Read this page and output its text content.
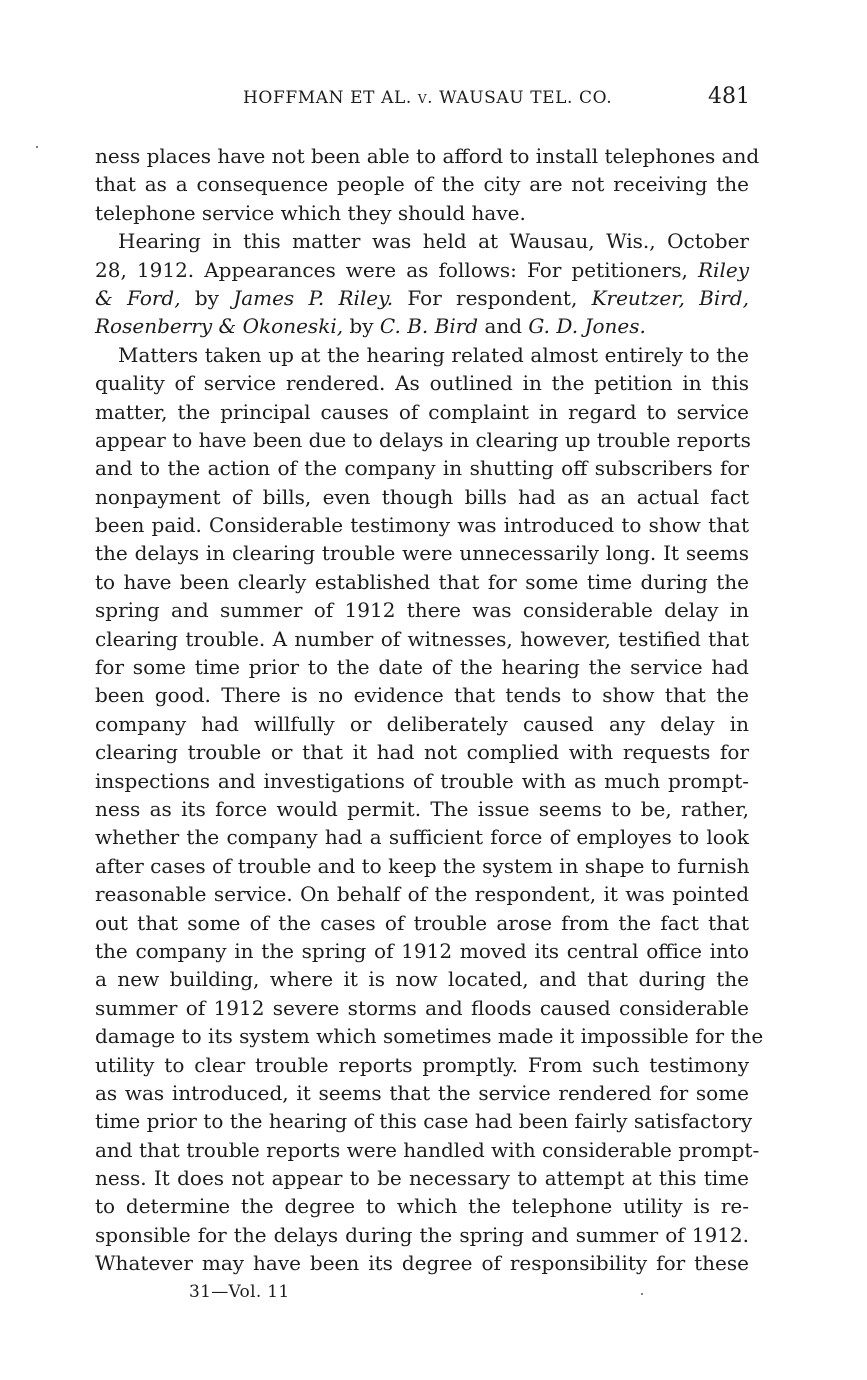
HOFFMAN ET AL. v. WAUSAU TEL. CO.	481
ness places have not been able to afford to install telephones and
that as a consequence people of the city are not receiving the
telephone service which they should have.
Hearing in this matter was held at Wausau, Wis., October
28, 1912. Appearances were as follows: For petitioners, Riley
& Ford, by James P. Riley. For respondent, Kreutzer, Bird,
Rosenberry & Okoneski, by C. B. Bird and G. D. Jones.
Matters taken up at the hearing related almost entirely to the
quality of service rendered. As outlined in the petition in this
matter, the principal causes of complaint in regard to service
appear to have been due to delays in clearing up trouble reports
and to the action of the company in shutting off subscribers for
nonpayment of bills, even though bills had as an actual fact
been paid. Considerable testimony was introduced to show that
the delays in clearing trouble were unnecessarily long. It seems
to have been clearly established that for some time during the
spring and summer of 1912 there was considerable delay in
clearing trouble. A number of witnesses, however, testified that
for some time prior to the date of the hearing the service had
been good. There is no evidence that tends to show that the
company had willfully or deliberately caused any delay in
clearing trouble or that it had not complied with requests for
inspections and investigations of trouble with as much prompt-
ness as its force would permit. The issue seems to be, rather,
whether the company had a sufficient force of employes to look
after cases of trouble and to keep the system in shape to furnish
reasonable service. On behalf of the respondent, it was pointed
out that some of the cases of trouble arose from the fact that
the company in the spring of 1912 moved its central office into
a new building, where it is now located, and that during the
summer of 1912 severe storms and floods caused considerable
damage to its system which sometimes made it impossible for the
utility to clear trouble reports promptly. From such testimony
as was introduced, it seems that the service rendered for some
time prior to the hearing of this case had been fairly satisfactory
and that trouble reports were handled with considerable prompt-
ness. It does not appear to be necessary to attempt at this time
to determine the degree to which the telephone utility is re-
sponsible for the delays during the spring and summer of 1912.
Whatever may have been its degree of responsibility for these
31—Vol. 11
